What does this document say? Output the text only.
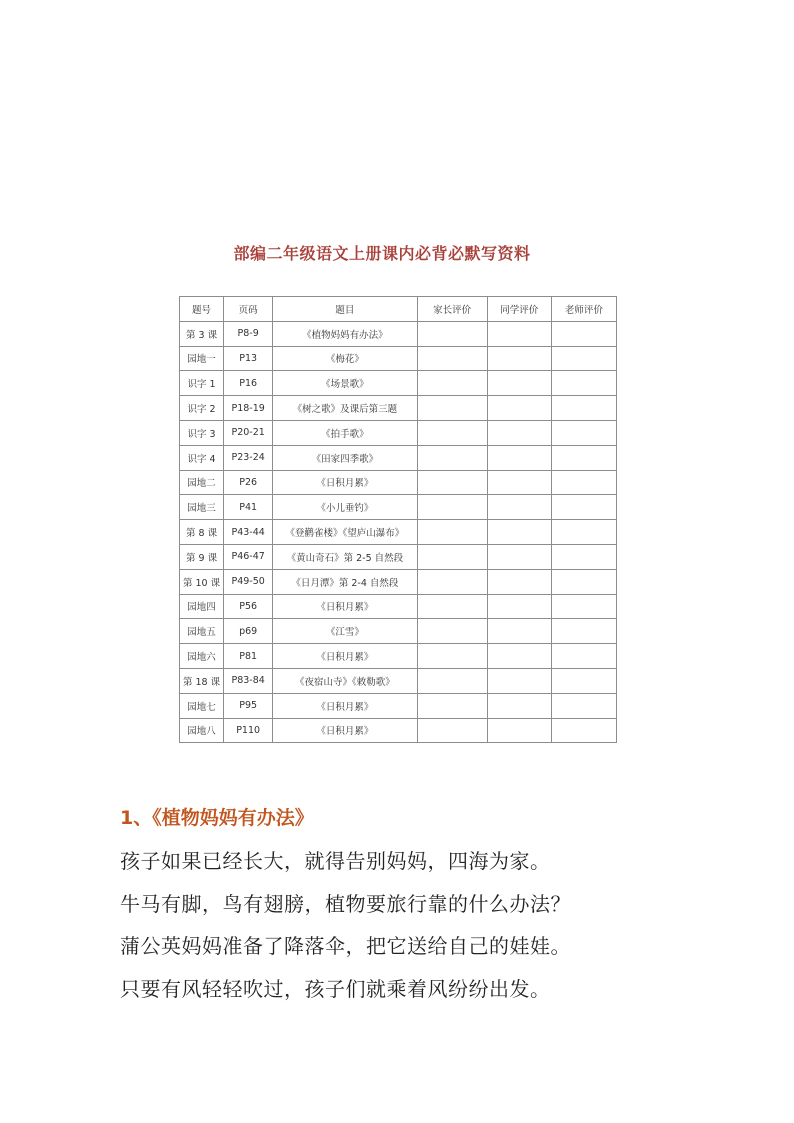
部编二年级语文上册课内必背必默写资料
题号	页码	题目	家长评价	同学评价	老师评价
第 3 课	P8-9	《植物妈妈有办法》			
园地一	P13	《梅花》			
识字 1	P16	《场景歌》			
识字 2	P18-19	《树之歌》及课后第三题			
识字 3	P20-21	《拍手歌》			
识字 4	P23-24	《田家四季歌》			
园地二	P26	《日积月累》			
园地三	P41	《小儿垂钓》			
第 8 课	P43-44	《登鹳雀楼》《望庐山瀑布》			
第 9 课	P46-47	《黄山奇石》第 2-5 自然段			
第 10 课	P49-50	《日月潭》第 2-4 自然段			
园地四	P56	《日积月累》			
园地五	p69	《江雪》			
园地六	P81	《日积月累》			
第 18 课	P83-84	《夜宿山寺》《敕勒歌》			
园地七	P95	《日积月累》			
园地八	P110	《日积月累》			
1、《植物妈妈有办法》
孩子如果已经长大，就得告别妈妈，四海为家。
牛马有脚，鸟有翅膀，植物要旅行靠的什么办法？
蒲公英妈妈准备了降落伞，把它送给自己的娃娃。
只要有风轻轻吹过，孩子们就乘着风纷纷出发。
